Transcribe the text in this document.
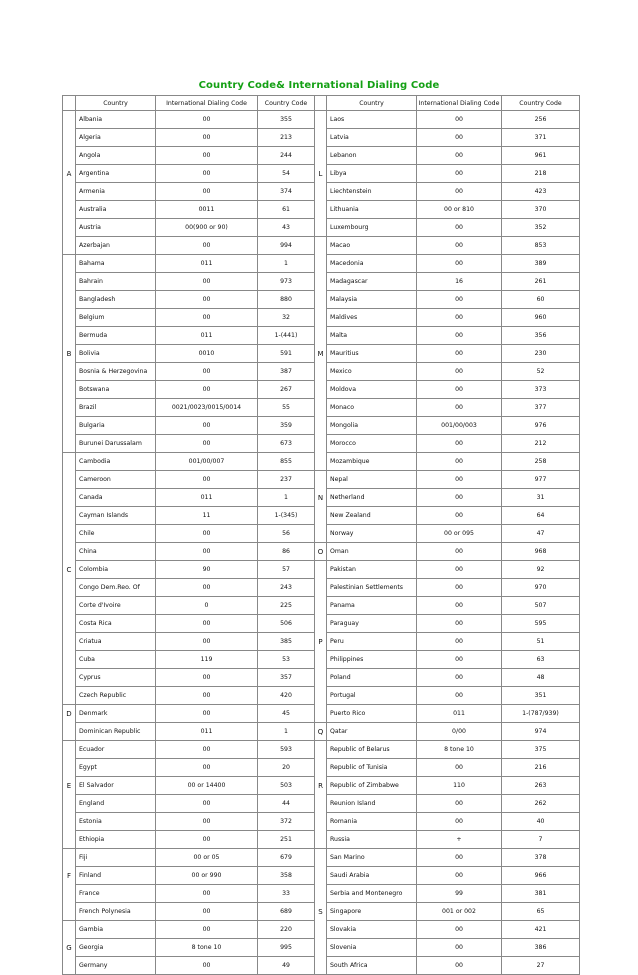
Country Code& International Dialing Code
	Country	International Dialing Code	Country Code		Country	International Dialing Code	Country Code
	Albania	00	355		Laos	00	256
	Algeria	00	213		Latvia	00	371
	Angola	00	244		Lebanon	00	961
A	Argentina	00	54	L	Libya	00	218
	Armenia	00	374		Liechtenstein	00	423
	Australia	0011	61		Lithuania	00 or 810	370
	Austria	00(900 or 90)	43		Luxembourg	00	352
	Azerbajan	00	994		Macao	00	853
	Bahama	011	1		Macedonia	00	389
	Bahrain	00	973		Madagascar	16	261
	Bangladesh	00	880		Malaysia	00	60
	Belgium	00	32		Maldives	00	960
	Bermuda	011	1-(441)		Malta	00	356
B	Bolivia	0010	591	M	Mauritius	00	230
	Bosnia & Herzegovina	00	387		Mexico	00	52
	Botswana	00	267		Moldova	00	373
	Brazil	0021/0023/0015/0014	55		Monaco	00	377
	Bulgaria	00	359		Mongolia	001/00/003	976
	Burunei Darussalam	00	673		Morocco	00	212
	Cambodia	001/00/007	855		Mozambique	00	258
	Cameroon	00	237		Nepal	00	977
	Canada	011	1	N	Netherland	00	31
	Cayman Islands	11	1-(345)		New Zealand	00	64
	Chile	00	56		Norway	00 or 095	47
	China	00	86	O	Oman	00	968
C	Colombia	90	57		Pakistan	00	92
	Congo Dem.Reo. Of	00	243		Palestinian Settlements	00	970
	Corte d'Ivoire	0	225		Panama	00	507
	Costa Rica	00	506		Paraguay	00	595
	Criatua	00	385	P	Peru	00	51
	Cuba	119	53		Philippines	00	63
	Cyprus	00	357		Poland	00	48
	Czech Republic	00	420		Portugal	00	351
D	Denmark	00	45		Puerto Rico	011	1-(787/939)
	Dominican Republic	011	1	Q	Qatar	0/00	974
	Ecuador	00	593		Republic of Belarus	8 tone 10	375
	Egypt	00	20		Republic of Tunisia	00	216
E	El Salvador	00 or 14400	503	R	Republic of Zimbabwe	110	263
	England	00	44		Reunion Island	00	262
	Estonia	00	372		Romania	00	40
	Ethiopia	00	251		Russia	+	7
	Fiji	00 or 05	679		San Marino	00	378
F	Finland	00 or 990	358		Saudi Arabia	00	966
	France	00	33		Serbia and Montenegro	99	381
	French Polynesia	00	689	S	Singapore	001 or 002	65
	Gambia	00	220		Slovakia	00	421
G	Georgia	8 tone 10	995		Slovenia	00	386
	Germany	00	49		South Africa	00	27
